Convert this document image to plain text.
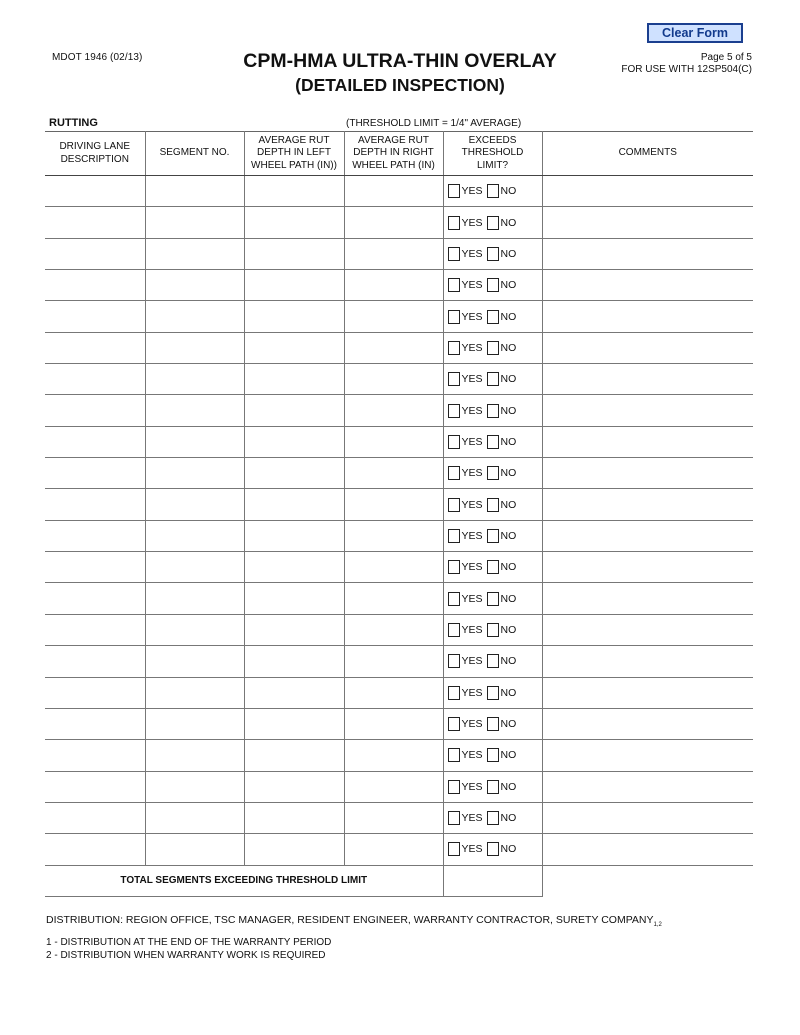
Clear Form
MDOT 1946 (02/13)	CPM-HMA ULTRA-THIN OVERLAY
(DETAILED INSPECTION)
Page 5 of 5
FOR USE WITH 12SP504(C)
RUTTING	(THRESHOLD LIMIT = 1/4" AVERAGE)
DRIVING LANE
DESCRIPTION	SEGMENT NO.	AVERAGE RUT
DEPTH IN LEFT
WHEEL PATH (IN))	AVERAGE RUT
DEPTH IN RIGHT
WHEEL PATH (IN)	EXCEEDS
THRESHOLD
LIMIT?	COMMENTS

				YES NO	

				YES NO	

				YES NO	

				YES NO	

				YES NO	

				YES NO	

				YES NO	

				YES NO	

				YES NO	

				YES NO	

				YES NO	

				YES NO	

				YES NO	

				YES NO	

				YES NO	

				YES NO	

				YES NO	

				YES NO	

				YES NO	

				YES NO	

				YES NO	

				YES NO	

TOTAL SEGMENTS EXCEEDING THRESHOLD LIMIT					
DISTRIBUTION: REGION OFFICE, TSC MANAGER, RESIDENT ENGINEER, WARRANTY CONTRACTOR, SURETY $COMPANY_{1,2}$
1 - DISTRIBUTION AT THE END OF THE WARRANTY PERIOD
2 - DISTRIBUTION WHEN WARRANTY WORK IS REQUIRED
